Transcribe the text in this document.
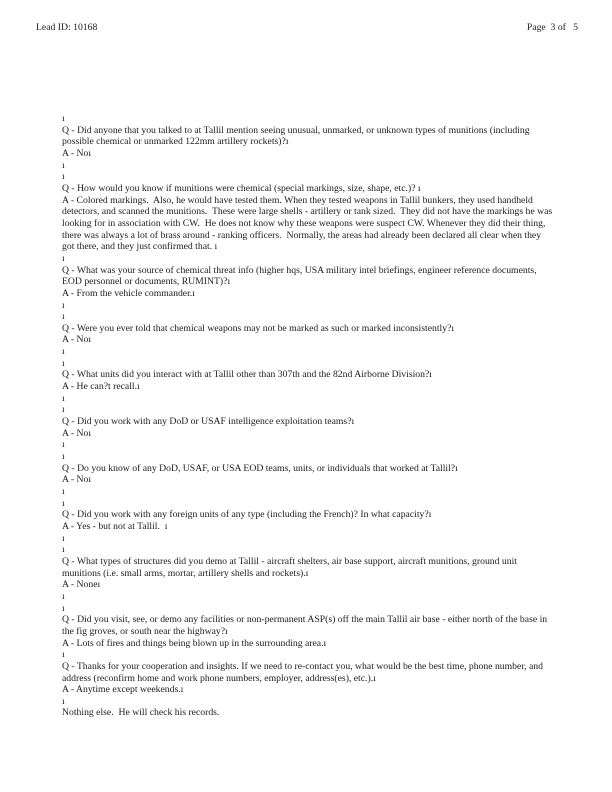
Lead ID: 10168	Page  3 of   5

ı

Q - Did anyone that you talked to at Tallil mention seeing unusual, unmarked, or unknown types of munitions (including possible chemical or unmarked 122mm artillery rockets)?ı

A - Noı

ı

ı

Q - How would you know if munitions were chemical (special markings, size, shape, etc.)? ı

A - Colored markings.  Also, he would have tested them. When they tested weapons in Tallil bunkers, they used handheld detectors, and scanned the munitions.  These were large shells - artillery or tank sized.  They did not have the markings he was looking for in association with CW.  He does not know why these weapons were suspect CW. Whenever they did their thing, there was always a lot of brass around - ranking officers.  Normally, the areas had already been declared all clear when they got there, and they just confirmed that. ı

ı

Q - What was your source of chemical threat info (higher hqs, USA military intel briefings, engineer reference documents, EOD personnel or documents, RUMINT)?ı

A - From the vehicle commander.ı

ı

ı

Q - Were you ever told that chemical weapons may not be marked as such or marked inconsistently?ı

A - Noı

ı

ı

Q - What units did you interact with at Tallil other than 307th and the 82nd Airborne Division?ı

A - He can?t recall.ı

ı

ı

Q - Did you work with any DoD or USAF intelligence exploitation teams?ı

A - Noı

ı

ı

Q - Do you know of any DoD, USAF, or USA EOD teams, units, or individuals that worked at Tallil?ı

A - Noı

ı

ı

Q - Did you work with any foreign units of any type (including the French)? In what capacity?ı

A - Yes - but not at Tallil.  ı

ı

ı

Q - What types of structures did you demo at Tallil - aircraft shelters, air base support, aircraft munitions, ground unit munitions (i.e. small arms, mortar, artillery shells and rockets).ı

A - Noneı

ı

ı

Q - Did you visit, see, or demo any facilities or non-permanent ASP(s) off the main Tallil air base - either north of the base in the fig groves, or south near the highway?ı

A - Lots of fires and things being blown up in the surrounding area.ı

ı

Q - Thanks for your cooperation and insights. If we need to re-contact you, what would be the best time, phone number, and address (reconfirm home and work phone numbers, employer, address(es), etc.).ı

A - Anytime except weekends.ı

ı

Nothing else.  He will check his records.
